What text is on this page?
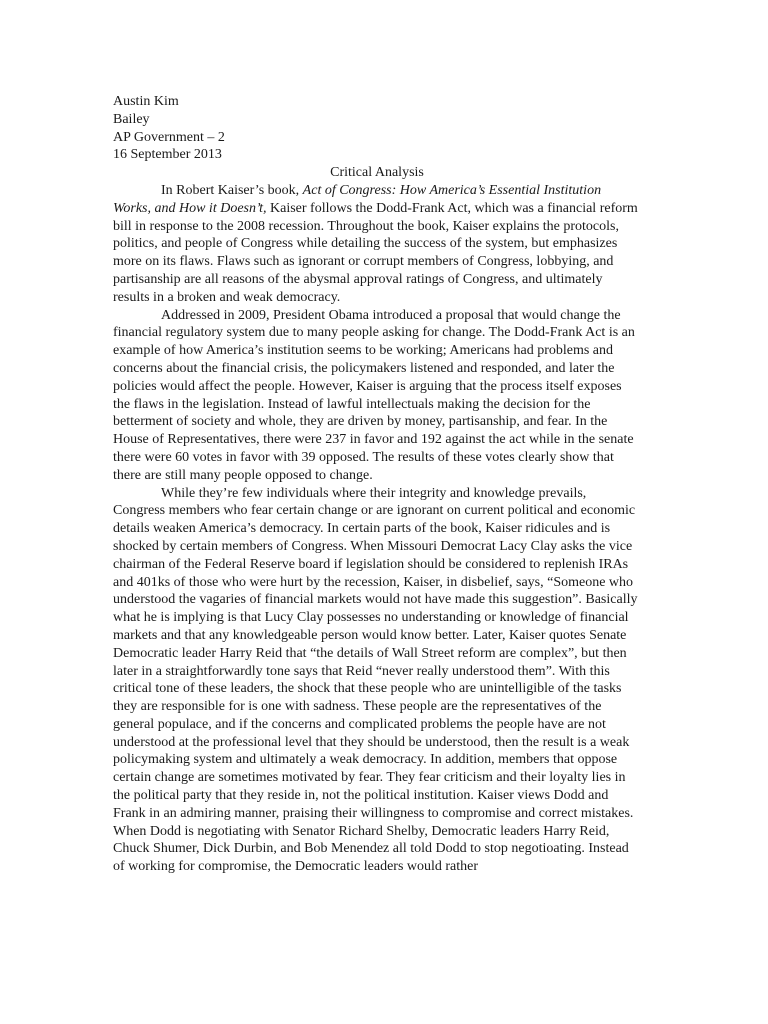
Austin Kim
Bailey
AP Government – 2
16 September 2013

Critical Analysis

In Robert Kaiser’s book, Act of Congress: How America’s Essential Institution Works, and How it Doesn’t, Kaiser follows the Dodd-Frank Act, which was a financial reform bill in response to the 2008 recession. Throughout the book, Kaiser explains the protocols, politics, and people of Congress while detailing the success of the system, but emphasizes more on its flaws. Flaws such as ignorant or corrupt members of Congress, lobbying, and partisanship are all reasons of the abysmal approval ratings of Congress, and ultimately results in a broken and weak democracy.

Addressed in 2009, President Obama introduced a proposal that would change the financial regulatory system due to many people asking for change. The Dodd-Frank Act is an example of how America’s institution seems to be working; Americans had problems and concerns about the financial crisis, the policymakers listened and responded, and later the policies would affect the people. However, Kaiser is arguing that the process itself exposes the flaws in the legislation. Instead of lawful intellectuals making the decision for the betterment of society and whole, they are driven by money, partisanship, and fear. In the House of Representatives, there were 237 in favor and 192 against the act while in the senate there were 60 votes in favor with 39 opposed. The results of these votes clearly show that there are still many people opposed to change.

While they’re few individuals where their integrity and knowledge prevails, Congress members who fear certain change or are ignorant on current political and economic details weaken America’s democracy. In certain parts of the book, Kaiser ridicules and is shocked by certain members of Congress. When Missouri Democrat Lacy Clay asks the vice chairman of the Federal Reserve board if legislation should be considered to replenish IRAs and 401ks of those who were hurt by the recession, Kaiser, in disbelief, says, “Someone who understood the vagaries of financial markets would not have made this suggestion”. Basically what he is implying is that Lucy Clay possesses no understanding or knowledge of financial markets and that any knowledgeable person would know better. Later, Kaiser quotes Senate Democratic leader Harry Reid that “the details of Wall Street reform are complex”, but then later in a straightforwardly tone says that Reid “never really understood them”. With this critical tone of these leaders, the shock that these people who are unintelligible of the tasks they are responsible for is one with sadness. These people are the representatives of the general populace, and if the concerns and complicated problems the people have are not understood at the professional level that they should be understood, then the result is a weak policymaking system and ultimately a weak democracy. In addition, members that oppose certain change are sometimes motivated by fear. They fear criticism and their loyalty lies in the political party that they reside in, not the political institution. Kaiser views Dodd and Frank in an admiring manner, praising their willingness to compromise and correct mistakes. When Dodd is negotiating with Senator Richard Shelby, Democratic leaders Harry Reid, Chuck Shumer, Dick Durbin, and Bob Menendez all told Dodd to stop negotioating. Instead of working for compromise, the Democratic leaders would rather
